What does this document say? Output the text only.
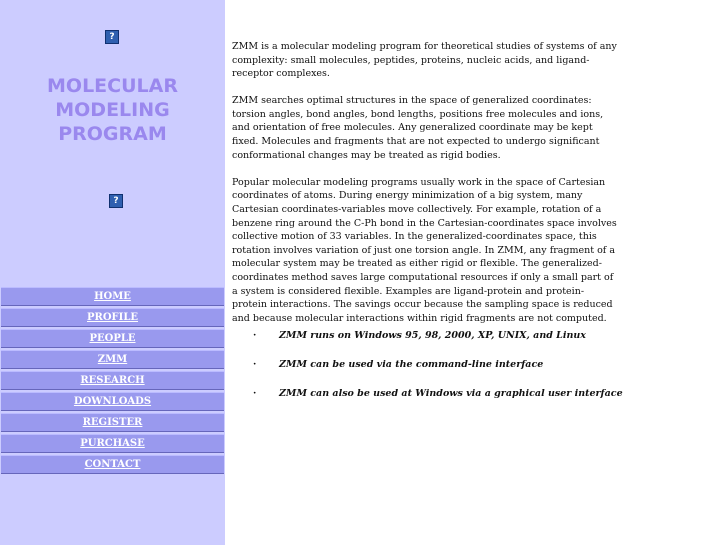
?
MOLECULAR
MODELING
PROGRAM
?
HOME
PROFILE
PEOPLE
ZMM
RESEARCH
DOWNLOADS
REGISTER
PURCHASE
CONTACT

ZMM is a molecular modeling program for theoretical studies of systems of any complexity: small molecules, peptides, proteins, nucleic acids, and ligand-receptor complexes.

ZMM searches optimal structures in the space of generalized coordinates: torsion angles, bond angles, bond lengths, positions free molecules and ions, and orientation of free molecules. Any generalized coordinate may be kept fixed. Molecules and fragments that are not expected to undergo significant conformational changes may be treated as rigid bodies.

Popular molecular modeling programs usually work in the space of Cartesian coordinates of atoms. During energy minimization of a big system, many Cartesian coordinates-variables move collectively. For example, rotation of a benzene ring around the C-Ph bond in the Cartesian-coordinates space involves collective motion of 33 variables. In the generalized-coordinates space, this rotation involves variation of just one torsion angle. In ZMM, any fragment of a molecular system may be treated as either rigid or flexible. The generalized-coordinates method saves large computational resources if only a small part of a system is considered flexible. Examples are ligand-protein and protein-protein interactions. The savings occur because the sampling space is reduced and because molecular interactions within rigid fragments are not computed.

· ZMM runs on Windows 95, 98, 2000, XP, UNIX, and Linux
· ZMM can be used via the command-line interface
· ZMM can also be used at Windows via a graphical user interface
